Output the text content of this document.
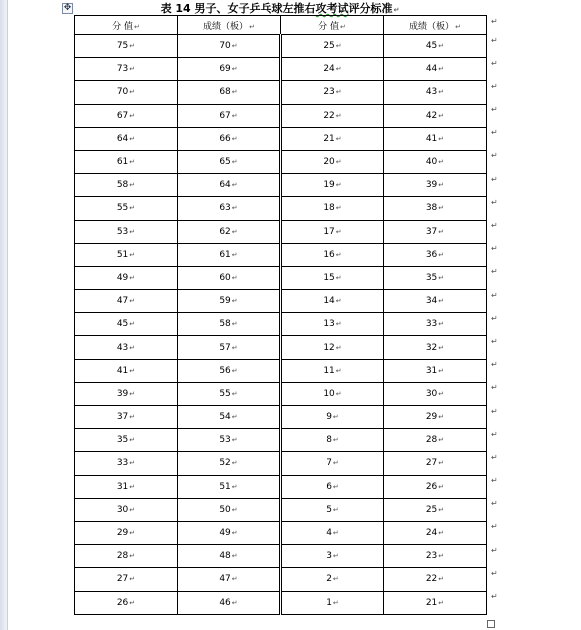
✥	表 14 男子、女子乒乓球左推右攻考试评分标准↵
分 值↵	成绩（板）↵	分 值↵	成绩（板）↵
75↵	70↵	25↵	45↵
73↵	69↵	24↵	44↵
70↵	68↵	23↵	43↵
67↵	67↵	22↵	42↵
64↵	66↵	21↵	41↵
61↵	65↵	20↵	40↵
58↵	64↵	19↵	39↵
55↵	63↵	18↵	38↵
53↵	62↵	17↵	37↵
51↵	61↵	16↵	36↵
49↵	60↵	15↵	35↵
47↵	59↵	14↵	34↵
45↵	58↵	13↵	33↵
43↵	57↵	12↵	32↵
41↵	56↵	11↵	31↵
39↵	55↵	10↵	30↵
37↵	54↵	9↵	29↵
35↵	53↵	8↵	28↵
33↵	52↵	7↵	27↵
31↵	51↵	6↵	26↵
30↵	50↵	5↵	25↵
29↵	49↵	4↵	24↵
28↵	48↵	3↵	23↵
27↵	47↵	2↵	22↵
26↵	46↵	1↵	21↵
↵
↵
↵
↵
↵
↵
↵
↵
↵
↵
↵
↵
↵
↵
↵
↵
↵
↵
↵
↵
↵
↵
↵
↵
↵
↵
